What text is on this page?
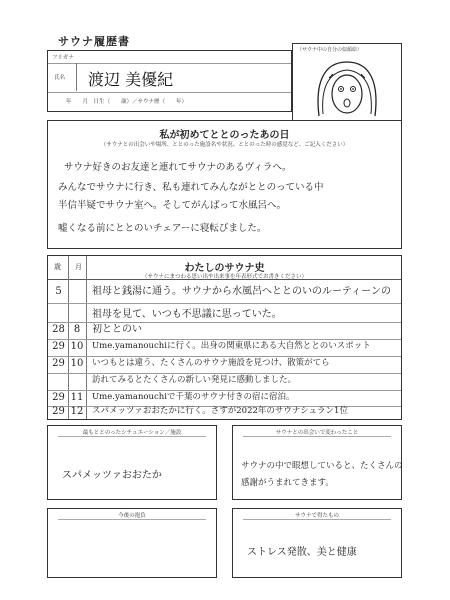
サウナ履歴書
フリガナ
氏名 渡辺 美優紀
年　　月　日生（　　歳）／サウナ歴（　　年）
（サウナ中の自分の似顔絵）
私が初めてととのったあの日
（サウナとの出会いや場所、ととのった施設名や状況、ととのった時の感覚など、ご記入ください）
サウナ好きのお友達と連れてサウナのあるヴィラへ。
みんなでサウナに行き、私も連れてみんながととのっている中
半信半疑でサウナ室へ。そしてがんばって水風呂へ。
嘘くなる前にととのいチェアーに寝転びました。
歳 月	わたしのサウナ史
（サウナにまつわる思い出や出来事を年表形式でお書きください）
5	祖母と銭湯に通う。サウナから水風呂へととのいのルーティーンの
祖母を見て、いつも不思議に思っていた。
28 8	初ととのい
29 10 Ume.yamanouchiに行く。出身の関東県にある大自然ととのいスポット
29 10 いつもとは違う、たくさんのサウナ施設を見つけ、散策がてら
訪れてみるとたくさんの新しい発見に感動しました。
29 11 Ume.yamanouchiで千葉のサウナ付きの宿に宿泊。
29 12 スパメッツァおおたかに行く。さすが2022年のサウナシュラン1位
最もととのったシチュエーション／施設
スパメッツァおおたか
サウナとの出会いで変わったこと
サウナの中で眼想していると、たくさんの
感謝がうまれてきます。
今後の抱負	サウナで得たもの
ストレス発散、美と健康
